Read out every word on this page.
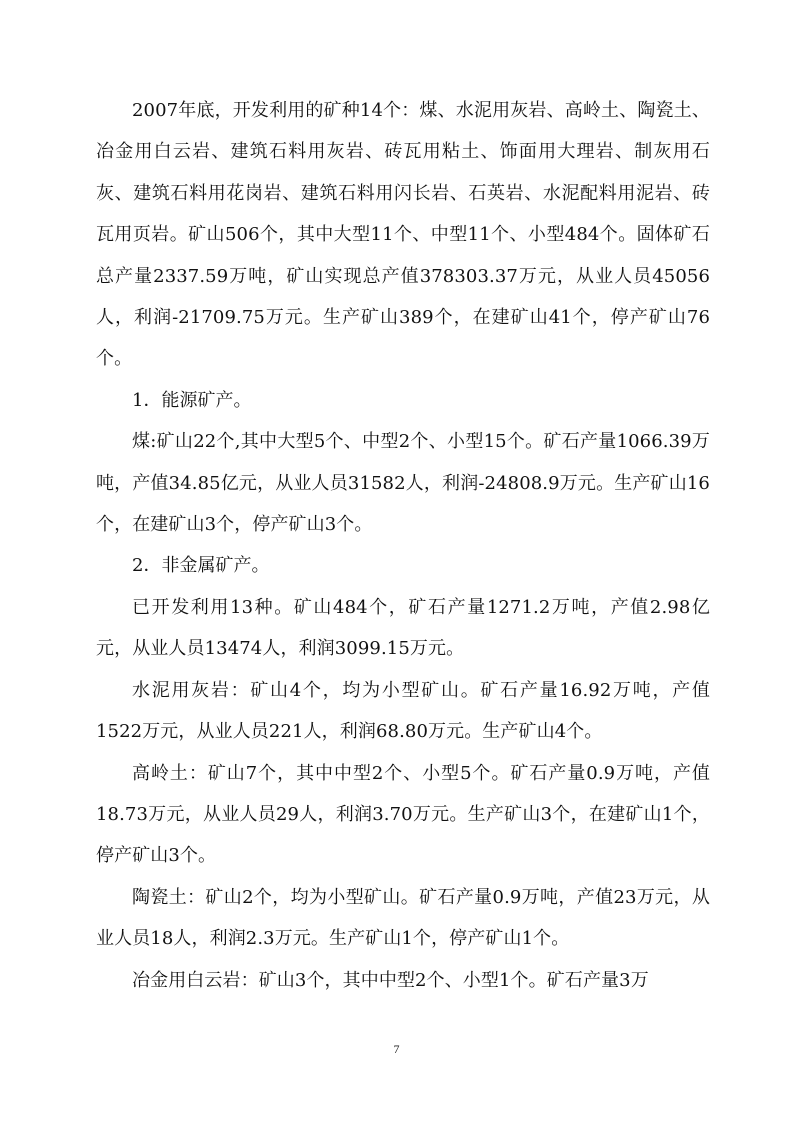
2007年底，开发利用的矿种14个：煤、水泥用灰岩、高岭土、陶瓷土、冶金用白云岩、建筑石料用灰岩、砖瓦用粘土、饰面用大理岩、制灰用石灰、建筑石料用花岗岩、建筑石料用闪长岩、石英岩、水泥配料用泥岩、砖瓦用页岩。矿山506个，其中大型11个、中型11个、小型484个。固体矿石总产量2337.59万吨，矿山实现总产值378303.37万元，从业人员45056人，利润-21709.75万元。生产矿山389个，在建矿山41个，停产矿山76个。

1．能源矿产。

煤:矿山22个,其中大型5个、中型2个、小型15个。矿石产量1066.39万吨，产值34.85亿元，从业人员31582人，利润-24808.9万元。生产矿山16个，在建矿山3个，停产矿山3个。

2．非金属矿产。

已开发利用13种。矿山484个，矿石产量1271.2万吨，产值2.98亿元，从业人员13474人，利润3099.15万元。

水泥用灰岩：矿山4个，均为小型矿山。矿石产量16.92万吨，产值1522万元，从业人员221人，利润68.80万元。生产矿山4个。

高岭土：矿山7个，其中中型2个、小型5个。矿石产量0.9万吨，产值18.73万元，从业人员29人，利润3.70万元。生产矿山3个，在建矿山1个，停产矿山3个。

陶瓷土：矿山2个，均为小型矿山。矿石产量0.9万吨，产值23万元，从业人员18人，利润2.3万元。生产矿山1个，停产矿山1个。

冶金用白云岩：矿山3个，其中中型2个、小型1个。矿石产量3万

7
